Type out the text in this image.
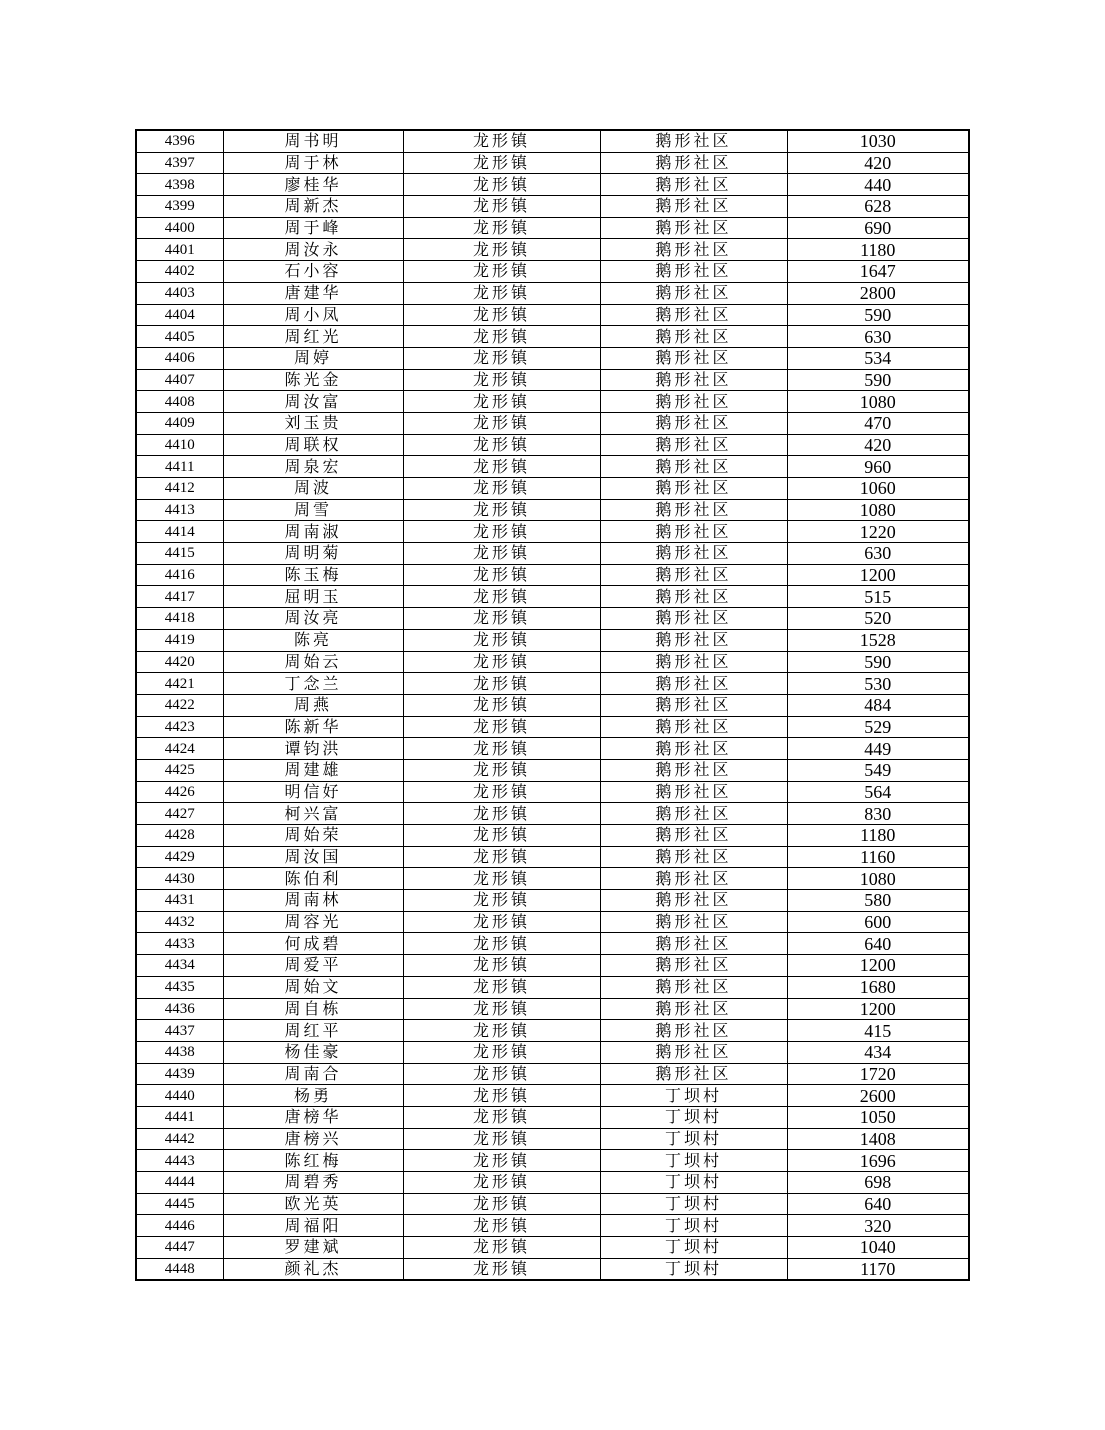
4396	周书明	龙形镇	鹅形社区	1030
4397	周于林	龙形镇	鹅形社区	420
4398	廖桂华	龙形镇	鹅形社区	440
4399	周新杰	龙形镇	鹅形社区	628
4400	周于峰	龙形镇	鹅形社区	690
4401	周汝永	龙形镇	鹅形社区	1180
4402	石小容	龙形镇	鹅形社区	1647
4403	唐建华	龙形镇	鹅形社区	2800
4404	周小凤	龙形镇	鹅形社区	590
4405	周红光	龙形镇	鹅形社区	630
4406	周婷	龙形镇	鹅形社区	534
4407	陈光金	龙形镇	鹅形社区	590
4408	周汝富	龙形镇	鹅形社区	1080
4409	刘玉贵	龙形镇	鹅形社区	470
4410	周联权	龙形镇	鹅形社区	420
4411	周泉宏	龙形镇	鹅形社区	960
4412	周波	龙形镇	鹅形社区	1060
4413	周雪	龙形镇	鹅形社区	1080
4414	周南淑	龙形镇	鹅形社区	1220
4415	周明菊	龙形镇	鹅形社区	630
4416	陈玉梅	龙形镇	鹅形社区	1200
4417	屈明玉	龙形镇	鹅形社区	515
4418	周汝亮	龙形镇	鹅形社区	520
4419	陈亮	龙形镇	鹅形社区	1528
4420	周始云	龙形镇	鹅形社区	590
4421	丁念兰	龙形镇	鹅形社区	530
4422	周燕	龙形镇	鹅形社区	484
4423	陈新华	龙形镇	鹅形社区	529
4424	谭钧洪	龙形镇	鹅形社区	449
4425	周建雄	龙形镇	鹅形社区	549
4426	明信好	龙形镇	鹅形社区	564
4427	柯兴富	龙形镇	鹅形社区	830
4428	周始荣	龙形镇	鹅形社区	1180
4429	周汝国	龙形镇	鹅形社区	1160
4430	陈伯利	龙形镇	鹅形社区	1080
4431	周南林	龙形镇	鹅形社区	580
4432	周容光	龙形镇	鹅形社区	600
4433	何成碧	龙形镇	鹅形社区	640
4434	周爱平	龙形镇	鹅形社区	1200
4435	周始文	龙形镇	鹅形社区	1680
4436	周自栋	龙形镇	鹅形社区	1200
4437	周红平	龙形镇	鹅形社区	415
4438	杨佳豪	龙形镇	鹅形社区	434
4439	周南合	龙形镇	鹅形社区	1720
4440	杨勇	龙形镇	丁坝村	2600
4441	唐榜华	龙形镇	丁坝村	1050
4442	唐榜兴	龙形镇	丁坝村	1408
4443	陈红梅	龙形镇	丁坝村	1696
4444	周碧秀	龙形镇	丁坝村	698
4445	欧光英	龙形镇	丁坝村	640
4446	周福阳	龙形镇	丁坝村	320
4447	罗建斌	龙形镇	丁坝村	1040
4448	颜礼杰	龙形镇	丁坝村	1170
